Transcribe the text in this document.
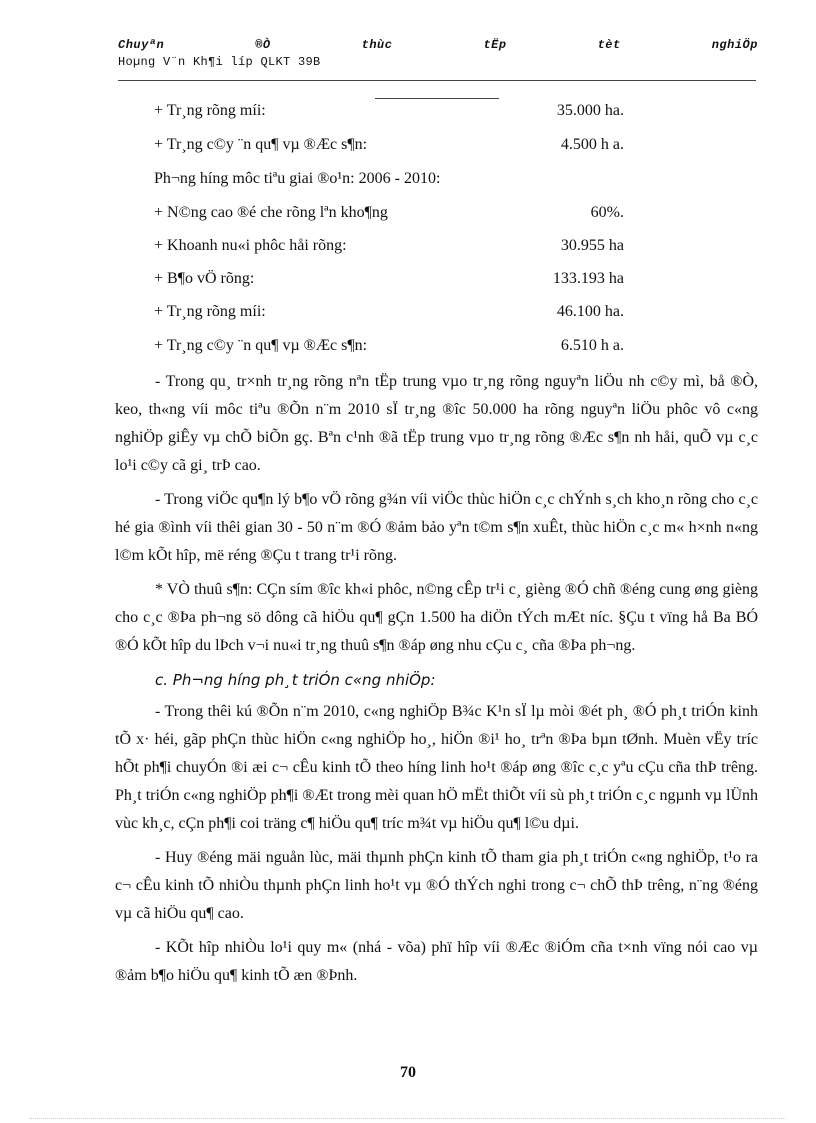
Chuyªn	®Ò	thùc	tËp	tèt	nghiÖp
Hoµng V¨n Kh¶i líp QLKT 39B
+ Tr¸ng rõng míi:	35.000 ha.
+ Tr¸ng c©y ¨n qu¶ vµ ®Æc s¶n:	4.500 h a.
Ph¬ng híng môc tiªu giai ®o¹n: 2006 - 2010:
+ N©ng cao ®é che rõng lªn kho¶ng	60%.
+ Khoanh nu«i phôc håi rõng:	30.955 ha
+ B¶o vÖ rõng:	133.193 ha
+ Tr¸ng rõng míi:	46.100 ha.
+ Tr¸ng c©y ¨n qu¶ vµ ®Æc s¶n:	6.510 h a.

- Trong qu¸ tr×nh tr¸ng rõng nªn tËp trung vµo tr¸ng rõng nguyªn liÖu nh c©y mì, bå ®Ò, keo, th«ng víi môc tiªu ®Õn n¨m 2010 sÏ tr¸ng ®îc 50.000 ha rõng nguyªn liÖu phôc vô c«ng nghiÖp giÊy vµ chÕ biÕn gç. Bªn c¹nh ®ã tËp trung vµo tr¸ng rõng ®Æc s¶n nh håi, quÕ vµ c¸c lo¹i c©y cã gi¸ trÞ cao.

- Trong viÖc qu¶n lý b¶o vÖ rõng g¾n víi viÖc thùc hiÖn c¸c chÝnh s¸ch kho¸n rõng cho c¸c hé gia ®ình víi thêi gian 30 - 50 n¨m ®Ó ®ảm bảo yªn t©m s¶n xuÊt, thùc hiÖn c¸c m« h×nh n«ng l©m kÕt hîp, më réng ®Çu t trang tr¹i rõng.

* VÒ thuû s¶n: CÇn sím ®îc kh«i phôc, n©ng cÊp tr¹i c¸ gièng ®Ó chñ ®éng cung øng gièng cho c¸c ®Þa ph¬ng sö dông cã hiÖu qu¶ gÇn 1.500 ha diÖn tÝch mÆt níc. §Çu t vïng hå Ba BÓ ®Ó kÕt hîp du lÞch v¬i nu«i tr¸ng thuû s¶n ®áp øng nhu cÇu c¸ cña ®Þa ph¬ng.

c. Ph¬ng híng ph¸t triÓn c«ng nhiÖp:

- Trong thêi kú ®Õn n¨m 2010, c«ng nghiÖp B¾c K¹n sÏ lµ mòi ®ét ph¸ ®Ó ph¸t triÓn kinh tÕ x· héi, gãp phÇn thùc hiÖn c«ng nghiÖp ho¸, hiÖn ®i¹ ho¸ trªn ®Þa bµn tØnh. Muèn vËy tríc hÕt ph¶i chuyÓn ®i æi c¬ cÊu kinh tÕ theo híng linh ho¹t ®áp øng ®îc c¸c yªu cÇu cña thÞ trêng. Ph¸t triÓn c«ng nghiÖp ph¶i ®Æt trong mèi quan hÖ mËt thiÕt víi sù ph¸t triÓn c¸c ngµnh vµ lÜnh vùc kh¸c, cÇn ph¶i coi träng c¶ hiÖu qu¶ tríc m¾t vµ hiÖu qu¶ l©u dµi.

- Huy ®éng mäi nguån lùc, mäi thµnh phÇn kinh tÕ tham gia ph¸t triÓn c«ng nghiÖp, t¹o ra c¬ cÊu kinh tÕ nhiÒu thµnh phÇn linh ho¹t vµ ®Ó thÝch nghi trong c¬ chÕ thÞ trêng, n¨ng ®éng vµ cã hiÖu qu¶ cao.

- KÕt hîp nhiÒu lo¹i quy m« (nhá - võa) phï hîp víi ®Æc ®iÓm cña t×nh vïng nói cao vµ ®ảm b¶o hiÖu qu¶ kinh tÕ æn ®Þnh.

70
